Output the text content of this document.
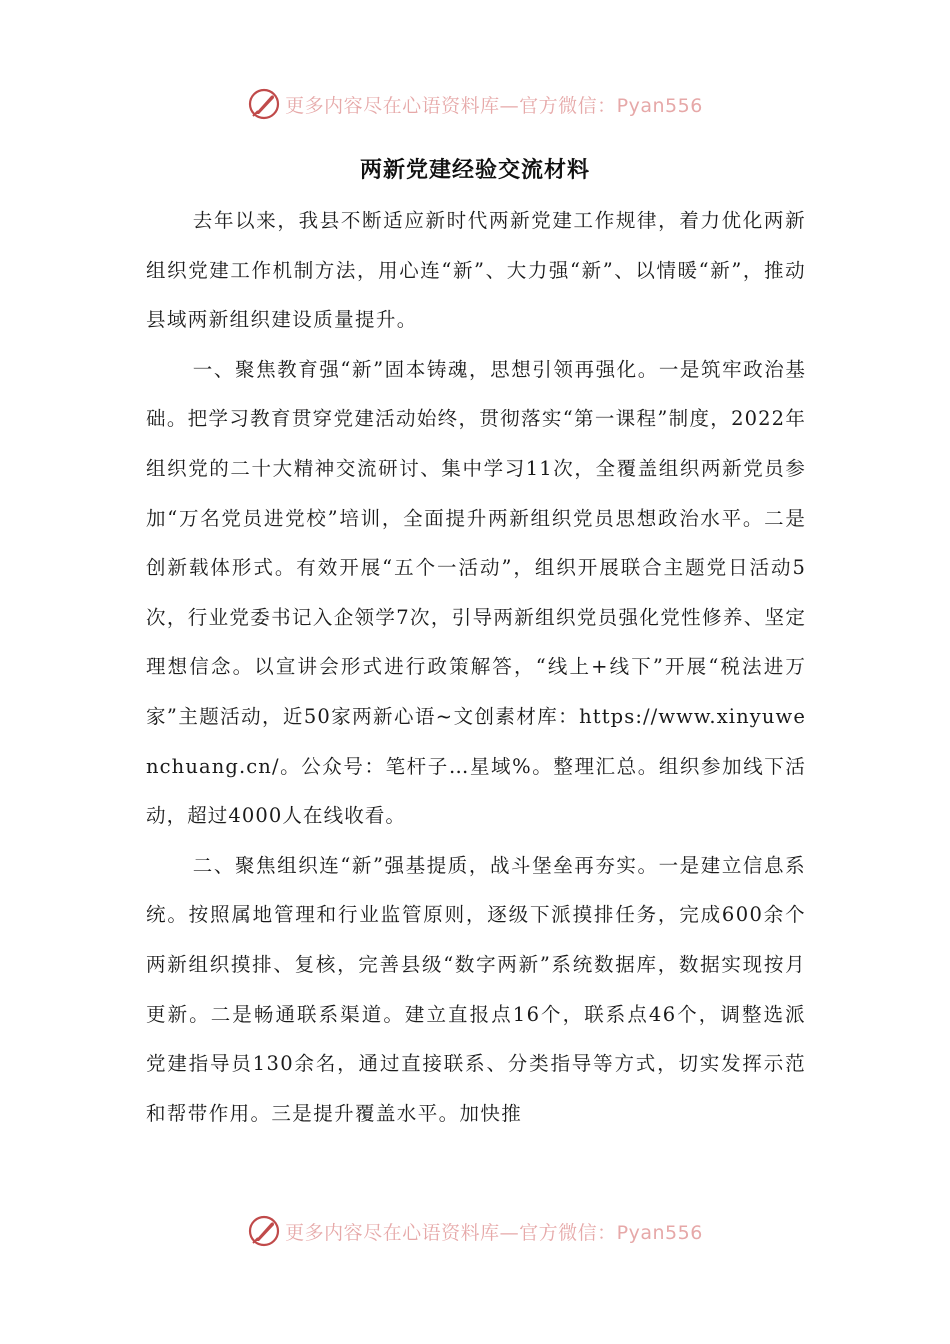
更多内容尽在心语资料库—官方微信：Pyan556
两新党建经验交流材料

去年以来，我县不断适应新时代两新党建工作规律，着力优化两新组织党建工作机制方法，用心连“新”、大力强“新”、以情暖“新”，推动县域两新组织建设质量提升。

一、聚焦教育强“新”固本铸魂，思想引领再强化。一是筑牢政治基础。把学习教育贯穿党建活动始终，贯彻落实“第一课程”制度，2022年组织党的二十大精神交流研讨、集中学习11次，全覆盖组织两新党员参加“万名党员进党校”培训，全面提升两新组织党员思想政治水平。二是创新载体形式。有效开展“五个一活动”，组织开展联合主题党日活动5次，行业党委书记入企领学7次，引导两新组织党员强化党性修养、坚定理想信念。以宣讲会形式进行政策解答，“线上+线下”开展“税法进万家”主题活动，近50家两新心语~文创素材库：https://www.xinyuwenchuang.cn/。公众号：笔杆子…星域%。整理汇总。组织参加线下活动，超过4000人在线收看。

二、聚焦组织连“新”强基提质，战斗堡垒再夯实。一是建立信息系统。按照属地管理和行业监管原则，逐级下派摸排任务，完成600余个两新组织摸排、复核，完善县级“数字两新”系统数据库，数据实现按月更新。二是畅通联系渠道。建立直报点16个，联系点46个，调整选派党建指导员130余名，通过直接联系、分类指导等方式，切实发挥示范和帮带作用。三是提升覆盖水平。加快推

更多内容尽在心语资料库—官方微信：Pyan556
